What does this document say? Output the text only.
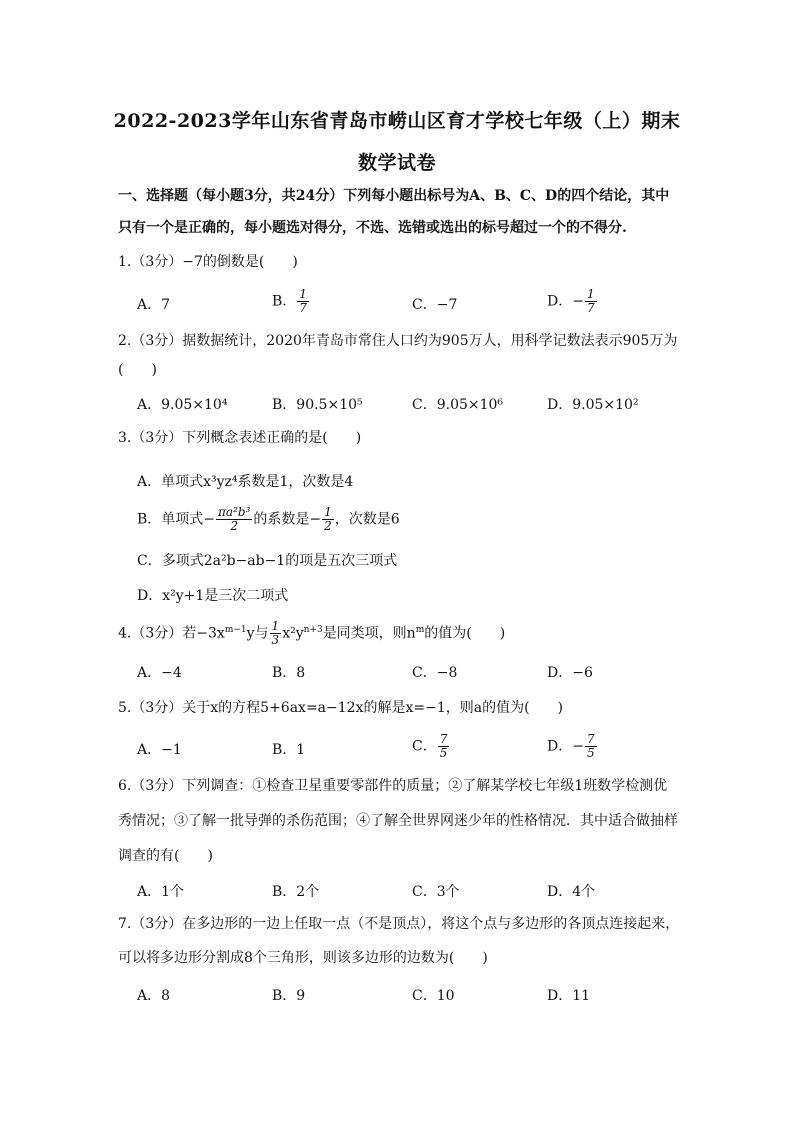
2022-2023学年山东省青岛市崂山区育才学校七年级（上）期末
数学试卷
一、选择题（每小题3分，共24分）下列每小题出标号为A、B、C、D的四个结论，其中
只有一个是正确的，每小题选对得分，不选、选错或选出的标号超过一个的不得分.
1.（3分）−7的倒数是(　　)
A．7	B． $\frac{1}{7}$	C．−7	D．− $\frac{1}{7}$
2.（3分）据数据统计，2020年青岛市常住人口约为905万人，用科学记数法表示905万为
(　　)
A．9.05×10⁴	B．90.5×10⁵	C．9.05×10⁶	D．9.05×10²
3.（3分）下列概念表述正确的是(　　)
A．单项式x³yz⁴系数是1，次数是4
B．单项式− $\frac{\text{πa²b³}}{2}$ 的系数是− $\frac{1}{2}$ ，次数是6
C．多项式2a²b−ab−1的项是五次三项式
D．x²y+1是三次二项式
4.（3分）若$-3x^{m-1}y$与 $\frac{1}{3} x^2y^{n+3}$是同类项，则$n^m$的值为(　　)
A．−4	B．8	C．−8	D．−6
5.（3分）关于x的方程5+6ax=a−12x的解是x=−1，则a的值为(　　)
A．−1	B．1	C． $\frac{7}{5}$	D．− $\frac{7}{5}$
6.（3分）下列调查：①检查卫星重要零部件的质量；②了解某学校七年级1班数学检测优
秀情况；③了解一批导弹的杀伤范围；④了解全世界网迷少年的性格情况．其中适合做抽样
调查的有(　　)
A．1个	B．2个	C．3个	D．4个
7.（3分）在多边形的一边上任取一点（不是顶点），将这个点与多边形的各顶点连接起来，
可以将多边形分割成8个三角形，则该多边形的边数为(　　)
A．8	B．9	C．10	D．11
